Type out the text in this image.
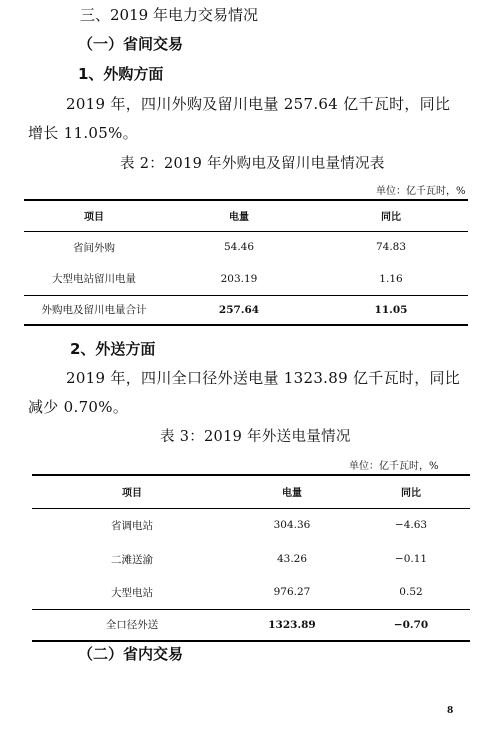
三、2019 年电力交易情况
（一）省间交易
1、外购方面
2019 年，四川外购及留川电量 257.64 亿千瓦时，同比
增长 11.05%。
表 2：2019 年外购电及留川电量情况表
单位：亿千瓦时，%
项目	电量	同比
省间外购	54.46	74.83
大型电站留川电量	203.19	1.16
外购电及留川电量合计	257.64	11.05
2、外送方面
2019 年，四川全口径外送电量 1323.89 亿千瓦时，同比
减少 0.70%。
表 3：2019 年外送电量情况
单位：亿千瓦时，%
项目	电量	同比
省调电站	304.36	−4.63
二滩送渝	43.26	−0.11
大型电站	976.27	0.52
全口径外送	1323.89	−0.70
（二）省内交易
8
